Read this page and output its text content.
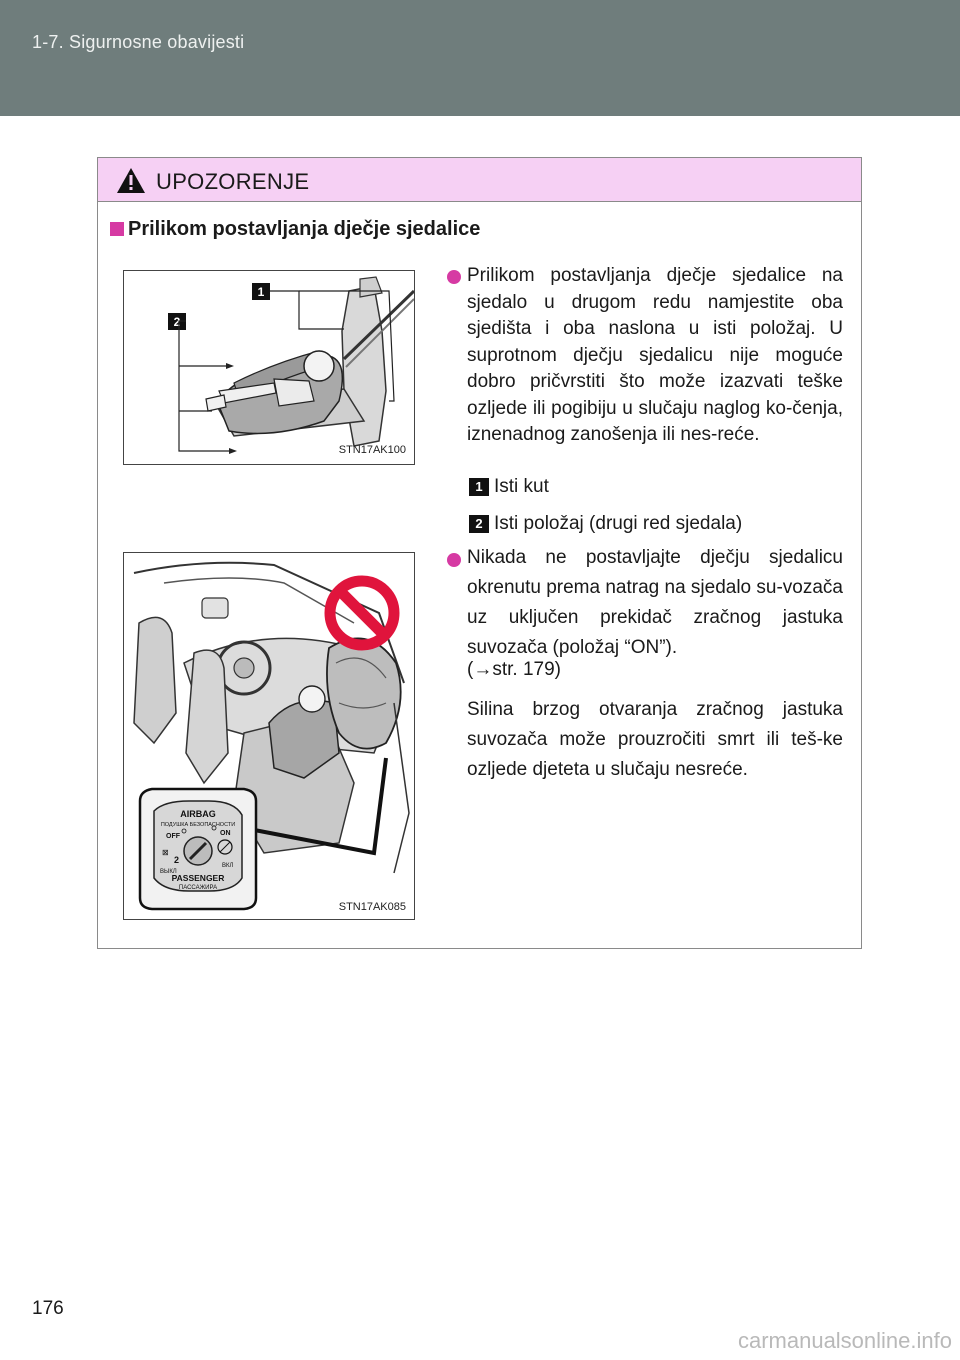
1-7. Sigurnosne obavijesti
UPOZORENJE
Prilikom postavljanja dječje sjedalice
1
2
STN17AK100
Prilikom postavljanja dječje sjedalice na sjedalo u drugom redu namjestite oba sjedišta i oba naslona u isti položaj. U suprotnom dječju sjedalicu nije moguće dobro pričvrstiti što može izazvati teške ozljede ili pogibiju u slučaju naglog ko-čenja, iznenadnog zanošenja ili nes-reće.
1 Isti kut
2 Isti položaj (drugi red sjedala)
AIRBAG
ПОДУШКА БЕЗОПАСНОСТИ
OFF	ON
⊠
2
ВЫКЛ
ВКЛ
PASSENGER
ПАССАЖИРА
STN17AK085
Nikada ne postavljajte dječju sjedalicu okrenutu prema natrag na sjedalo su-vozača uz uključen prekidač zračnog jastuka suvozača (položaj “ON”).
(→str. 179)
Silina brzog otvaranja zračnog jastuka suvozača može prouzročiti smrt ili teš-ke ozljede djeteta u slučaju nesreće.
176
carmanualsonline.info
